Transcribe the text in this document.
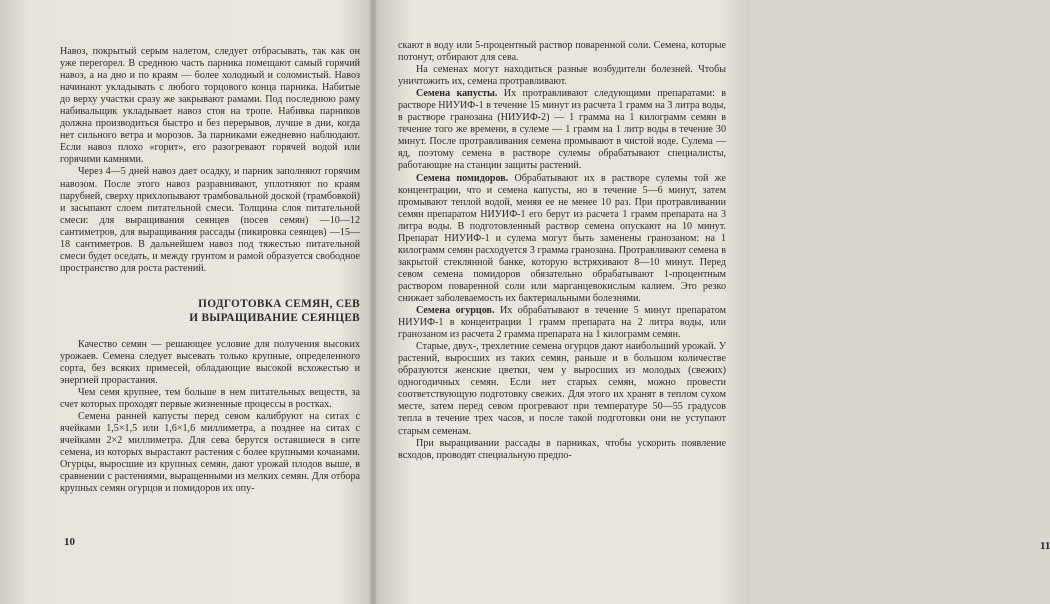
Навоз, покрытый серым налетом, следует отбрасывать, так как он уже перегорел. В среднюю часть парника помещают самый горячий навоз, а на дно и по краям — более холодный и соломистый. Навоз начинают укладывать с любого торцового конца парника. Набитые до верху участки сразу же закрывают рамами. Под последнюю раму набивальщик укладывает навоз стоя на тропе. Набивка парников должна производиться быстро и без перерывов, лучше в дни, когда нет сильного ветра и морозов. За парниками ежедневно наблюдают. Если навоз плохо «горит», его разогревают горячей водой или горячими камнями.

Через 4—5 дней навоз дает осадку, и парник заполняют горячим навозом. После этого навоз разравнивают, уплотняют по краям парубней, сверху прихлопывают трамбовальной доской (трамбовкой) и засыпают слоем питательной смеси. Толщина слоя питательной смеси: для выращивания сеянцев (посев семян) —10—12 сантиметров, для выращивания рассады (пикировка сеянцев) —15—18 сантиметров. В дальнейшем навоз под тяжестью питательной смеси будет оседать, и между грунтом и рамой образуется свободное пространство для роста растений.

ПОДГОТОВКА СЕМЯН, СЕВ
И ВЫРАЩИВАНИЕ СЕЯНЦЕВ

Качество семян — решающее условие для получения высоких урожаев. Семена следует высевать только крупные, определенного сорта, без всяких примесей, обладающие высокой всхожестью и энергией прорастания.

Чем семя крупнее, тем больше в нем питательных веществ, за счет которых проходят первые жизненные процессы в ростках.

Семена ранней капусты перед севом калибруют на ситах с ячейками 1,5×1,5 или 1,6×1,6 миллиметра, а позднее на ситах с ячейками 2×2 миллиметра. Для сева берутся оставшиеся в сите семена, из которых вырастают растения с более крупными кочанами. Огурцы, выросшие из крупных семян, дают урожай плодов выше, в сравнении с растениями, выращенными из мелких семян. Для отбора крупных семян огурцов и помидоров их опу-

10

скают в воду или 5-процентный раствор поваренной соли. Семена, которые потонут, отбирают для сева.

На семенах могут находиться разные возбудители болезней. Чтобы уничтожить их, семена протравливают.

Семена капусты. Их протравливают следующими препаратами: в растворе НИУИФ-1 в течение 15 минут из расчета 1 грамм на 3 литра воды, в растворе гранозана (НИУИФ-2) — 1 грамма на 1 килограмм семян в течение того же времени, в сулеме — 1 грамм на 1 литр воды в течение 30 минут. После протравливания семена промывают в чистой воде. Сулема — яд, поэтому семена в растворе сулемы обрабатывают специалисты, работающие на станции защиты растений.

Семена помидоров. Обрабатывают их в растворе сулемы той же концентрации, что и семена капусты, но в течение 5—6 минут, затем промывают теплой водой, меняя ее не менее 10 раз. При протравливании семян препаратом НИУИФ-1 его берут из расчета 1 грамм препарата на 3 литра воды. В подготовленный раствор семена опускают на 10 минут. Препарат НИУИФ-1 и сулема могут быть заменены гранозаном: на 1 килограмм семян расходуется 3 грамма гранозана. Протравливают семена в закрытой стеклянной банке, которую встряхивают 8—10 минут. Перед севом семена помидоров обязательно обрабатывают 1-процентным раствором поваренной соли или марганцевокислым калием. Это резко снижает заболеваемость их бактериальными болезнями.

Семена огурцов. Их обрабатывают в течение 5 минут препаратом НИУИФ-1 в концентрации 1 грамм препарата на 2 литра воды, или гранозаном из расчета 2 грамма препарата на 1 килограмм семян.

Старые, двух-, трехлетние семена огурцов дают наибольший урожай. У растений, выросших из таких семян, раньше и в большом количестве образуются женские цветки, чем у выросших из молодых (свежих) одногодичных семян. Если нет старых семян, можно провести соответствующую подготовку свежих. Для этого их хранят в теплом сухом месте, затем перед севом прогревают при температуре 50—55 градусов тепла в течение трех часов, и после такой подготовки они не уступают старым семенам.

При выращивании рассады в парниках, чтобы ускорить появление всходов, проводят специальную предпо-

11
